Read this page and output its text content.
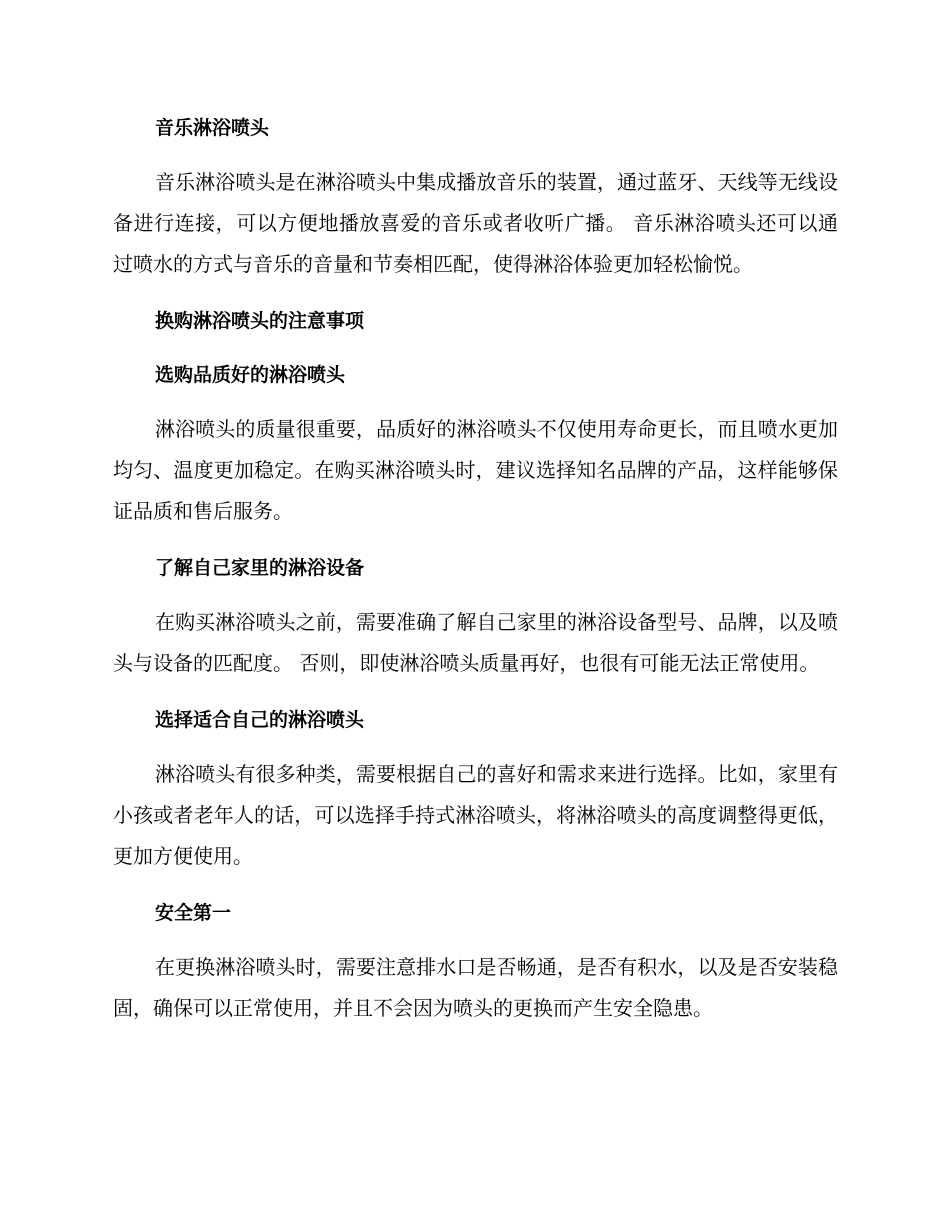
音乐淋浴喷头

音乐淋浴喷头是在淋浴喷头中集成播放音乐的装置，通过蓝牙、天线等无线设备进行连接，可以方便地播放喜爱的音乐或者收听广播。 音乐淋浴喷头还可以通过喷水的方式与音乐的音量和节奏相匹配，使得淋浴体验更加轻松愉悦。

换购淋浴喷头的注意事项
选购品质好的淋浴喷头

淋浴喷头的质量很重要，品质好的淋浴喷头不仅使用寿命更长，而且喷水更加均匀、温度更加稳定。在购买淋浴喷头时，建议选择知名品牌的产品，这样能够保证品质和售后服务。

了解自己家里的淋浴设备

在购买淋浴喷头之前，需要准确了解自己家里的淋浴设备型号、品牌，以及喷头与设备的匹配度。 否则，即使淋浴喷头质量再好，也很有可能无法正常使用。

选择适合自己的淋浴喷头

淋浴喷头有很多种类，需要根据自己的喜好和需求来进行选择。比如，家里有小孩或者老年人的话，可以选择手持式淋浴喷头，将淋浴喷头的高度调整得更低，更加方便使用。

安全第一

在更换淋浴喷头时，需要注意排水口是否畅通，是否有积水，以及是否安装稳固，确保可以正常使用，并且不会因为喷头的更换而产生安全隐患。
